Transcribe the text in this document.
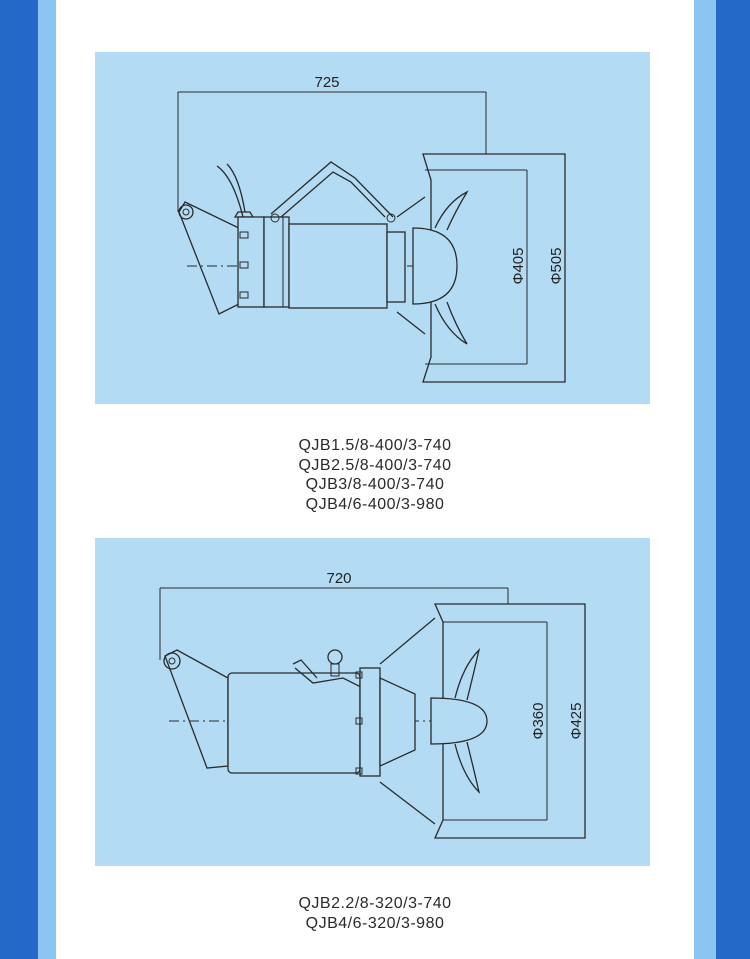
725
Φ405 Φ505
QJB1.5/8-400/3-740
QJB2.5/8-400/3-740
QJB3/8-400/3-740
QJB4/6-400/3-980
720
Φ360 Φ425
QJB2.2/8-320/3-740
QJB4/6-320/3-980
